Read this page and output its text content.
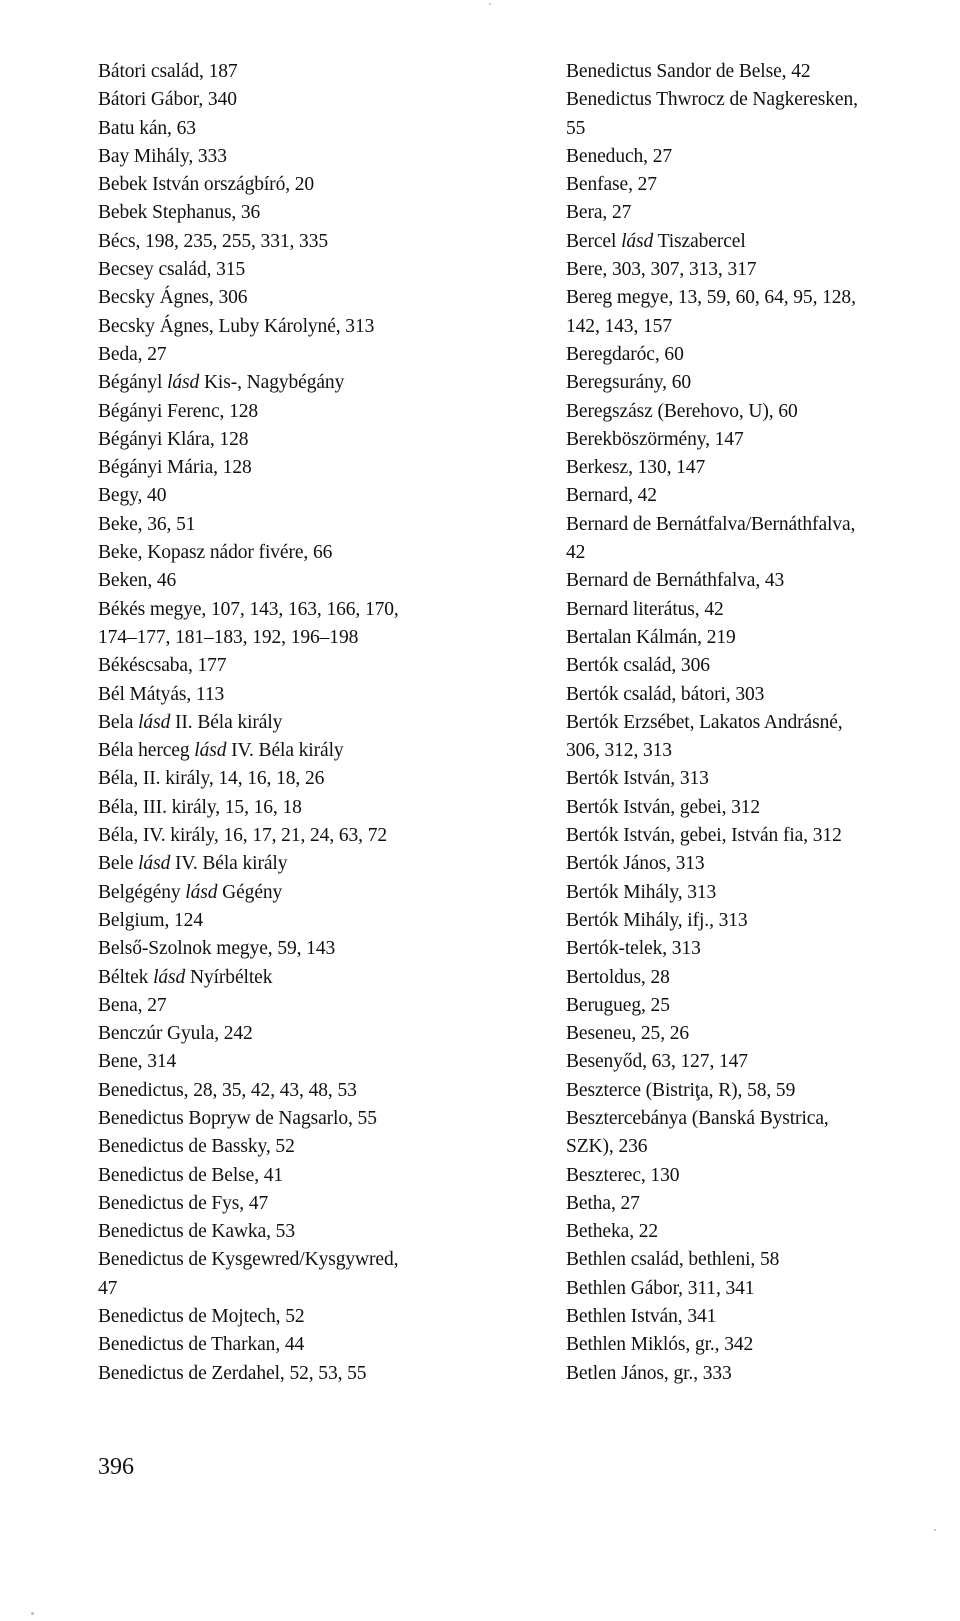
Bátori család, 187
Bátori Gábor, 340
Batu kán, 63
Bay Mihály, 333
Bebek István országbíró, 20
Bebek Stephanus, 36
Bécs, 198, 235, 255, 331, 335
Becsey család, 315
Becsky Ágnes, 306
Becsky Ágnes, Luby Károlyné, 313
Beda, 27
Bégányl lásd Kis-, Nagybégány
Bégányi Ferenc, 128
Bégányi Klára, 128
Bégányi Mária, 128
Begy, 40
Beke, 36, 51
Beke, Kopasz nádor fivére, 66
Beken, 46
Békés megye, 107, 143, 163, 166, 170,
174–177, 181–183, 192, 196–198
Békéscsaba, 177
Bél Mátyás, 113
Bela lásd II. Béla király
Béla herceg lásd IV. Béla király
Béla, II. király, 14, 16, 18, 26
Béla, III. király, 15, 16, 18
Béla, IV. király, 16, 17, 21, 24, 63, 72
Bele lásd IV. Béla király
Belgégény lásd Gégény
Belgium, 124
Belső-Szolnok megye, 59, 143
Béltek lásd Nyírbéltek
Bena, 27
Benczúr Gyula, 242
Bene, 314
Benedictus, 28, 35, 42, 43, 48, 53
Benedictus Bopryw de Nagsarlo, 55
Benedictus de Bassky, 52
Benedictus de Belse, 41
Benedictus de Fys, 47
Benedictus de Kawka, 53
Benedictus de Kysgewred/Kysgywred,
47
Benedictus de Mojtech, 52
Benedictus de Tharkan, 44
Benedictus de Zerdahel, 52, 53, 55
Benedictus Sandor de Belse, 42
Benedictus Thwrocz de Nagkeresken,
55
Beneduch, 27
Benfase, 27
Bera, 27
Bercel lásd Tiszabercel
Bere, 303, 307, 313, 317
Bereg megye, 13, 59, 60, 64, 95, 128,
142, 143, 157
Beregdaróc, 60
Beregsurány, 60
Beregszász (Berehovo, U), 60
Berekböszörmény, 147
Berkesz, 130, 147
Bernard, 42
Bernard de Bernátfalva/Bernáthfalva,
42
Bernard de Bernáthfalva, 43
Bernard literátus, 42
Bertalan Kálmán, 219
Bertók család, 306
Bertók család, bátori, 303
Bertók Erzsébet, Lakatos Andrásné,
306, 312, 313
Bertók István, 313
Bertók István, gebei, 312
Bertók István, gebei, István fia, 312
Bertók János, 313
Bertók Mihály, 313
Bertók Mihály, ifj., 313
Bertók-telek, 313
Bertoldus, 28
Berugueg, 25
Beseneu, 25, 26
Besenyőd, 63, 127, 147
Beszterce (Bistriţa, R), 58, 59
Besztercebánya (Banská Bystrica,
SZK), 236
Beszterec, 130
Betha, 27
Betheka, 22
Bethlen család, bethleni, 58
Bethlen Gábor, 311, 341
Bethlen István, 341
Bethlen Miklós, gr., 342
Betlen János, gr., 333
396
